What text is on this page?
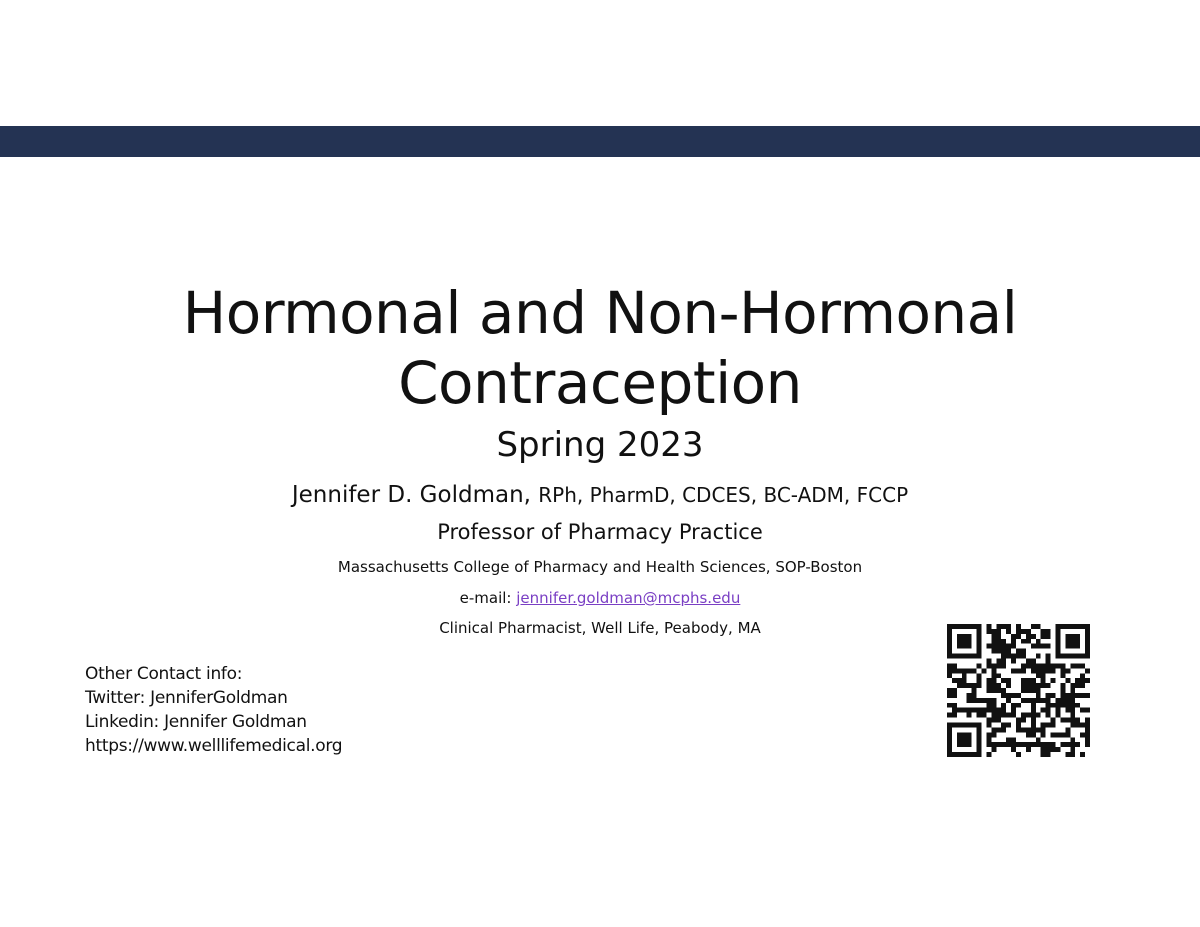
Hormonal and Non-Hormonal
Contraception
Spring 2023
Jennifer D. Goldman, RPh, PharmD, CDCES, BC-ADM, FCCP
Professor of Pharmacy Practice
Massachusetts College of Pharmacy and Health Sciences, SOP-Boston
e-mail: jennifer.goldman@mcphs.edu
Clinical Pharmacist, Well Life, Peabody, MA
Other Contact info:
Twitter: JenniferGoldman
Linkedin: Jennifer Goldman
https://www.welllifemedical.org
